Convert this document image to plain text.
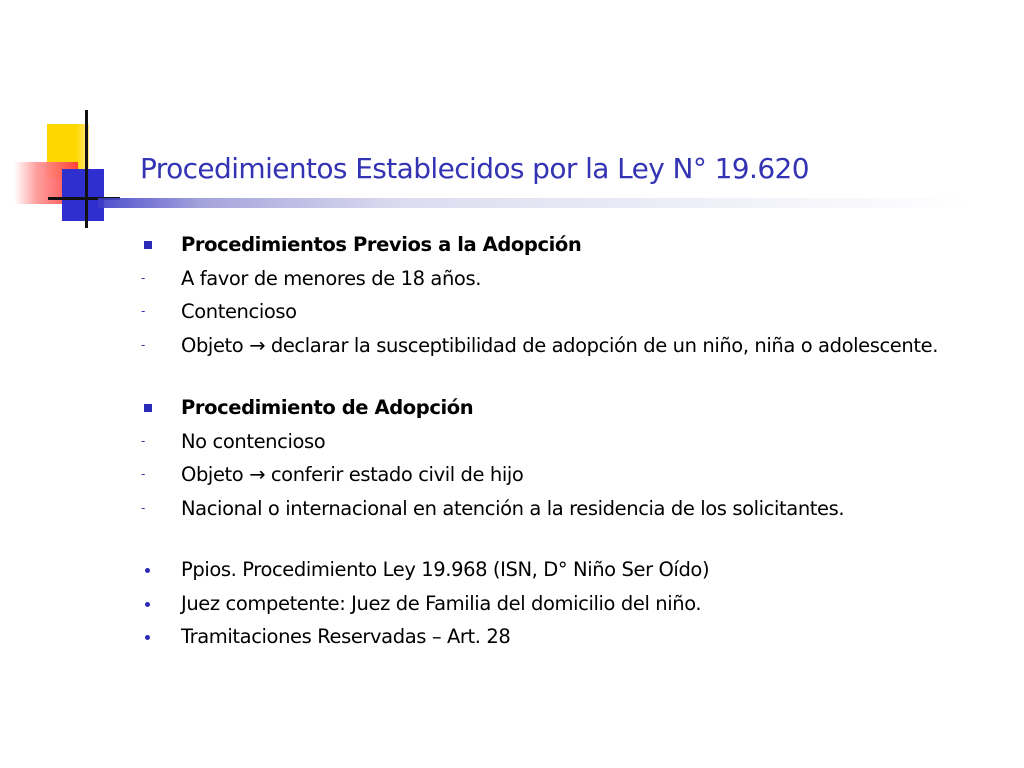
Procedimientos Establecidos por la Ley N° 19.620
Procedimientos Previos a la Adopción
-	A favor de menores de 18 años.
-	Contencioso
-	Objeto → declarar la susceptibilidad de adopción de un niño, niña o adolescente.
Procedimiento de Adopción
-	No contencioso
-	Objeto → conferir estado civil de hijo
-	Nacional o internacional en atención a la residencia de los solicitantes.
Ppios. Procedimiento Ley 19.968 (ISN, D° Niño Ser Oído)
Juez competente: Juez de Familia del domicilio del niño.
Tramitaciones Reservadas – Art. 28
